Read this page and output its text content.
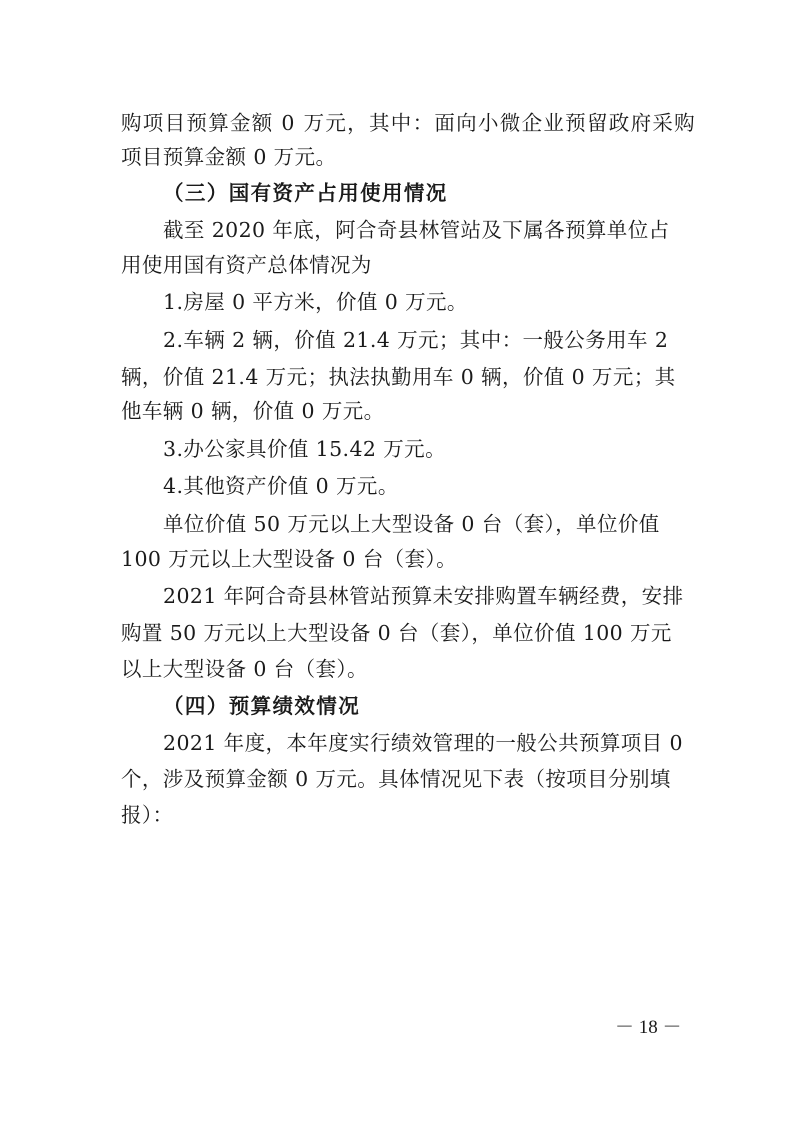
购项目预算金额 0 万元，其中：面向小微企业预留政府采购

项目预算金额 0 万元。

（三）国有资产占用使用情况

截至 2020 年底，阿合奇县林管站及下属各预算单位占

用使用国有资产总体情况为

1.房屋 0 平方米，价值 0 万元。

2.车辆 2 辆，价值 21.4 万元；其中：一般公务用车 2

辆，价值 21.4 万元；执法执勤用车 0 辆，价值 0 万元；其

他车辆 0 辆，价值 0 万元。

3.办公家具价值 15.42 万元。

4.其他资产价值 0 万元。

单位价值 50 万元以上大型设备 0 台（套），单位价值

100 万元以上大型设备 0 台（套）。

2021 年阿合奇县林管站预算未安排购置车辆经费，安排

购置 50 万元以上大型设备 0 台（套），单位价值 100 万元

以上大型设备 0 台（套）。

（四）预算绩效情况

2021 年度，本年度实行绩效管理的一般公共预算项目 0

个，涉及预算金额 0 万元。具体情况见下表（按项目分别填

报）：

－ 18 －
